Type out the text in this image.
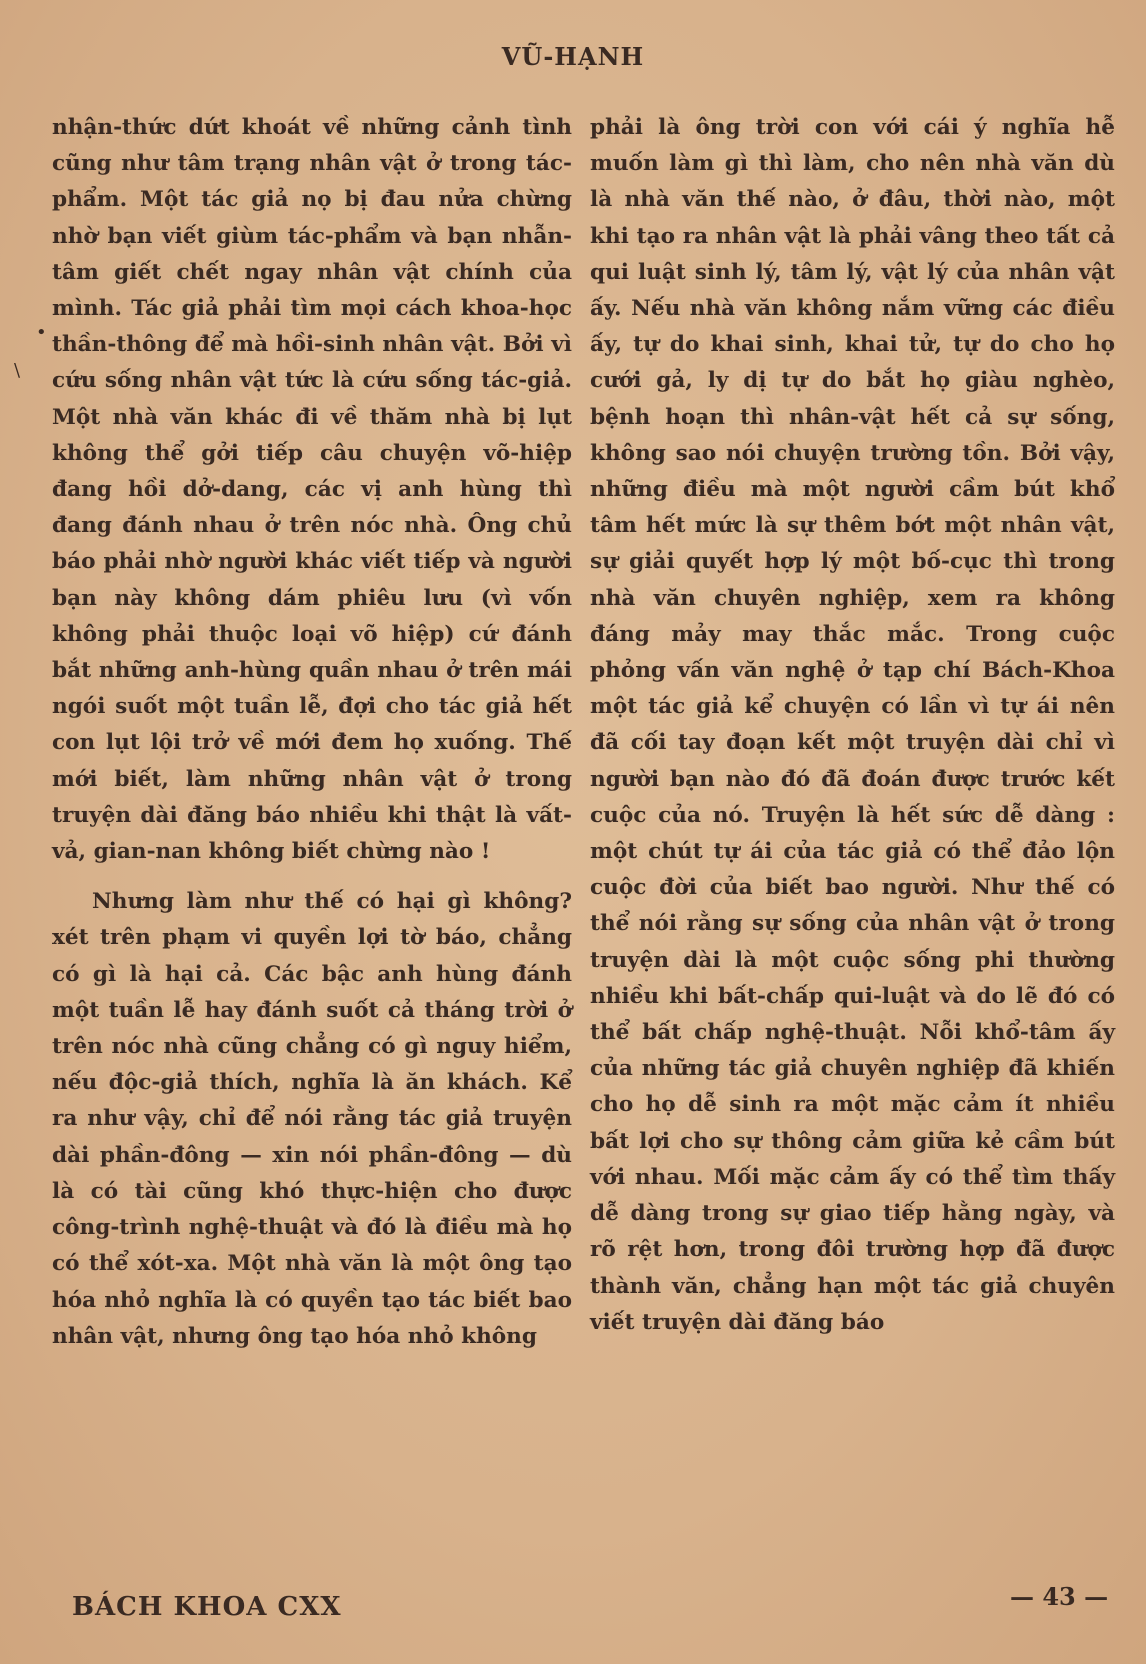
VŨ-HẠNH
•
\

nhận-thức dứt khoát về những cảnh tình cũng như tâm trạng nhân vật ở trong tác-phẩm. Một tác giả nọ bị đau nửa chừng nhờ bạn viết giùm tác-phẩm và bạn nhẫn-tâm giết chết ngay nhân vật chính của mình. Tác giả phải tìm mọi cách khoa-học thần-thông để mà hồi-sinh nhân vật. Bởi vì cứu sống nhân vật tức là cứu sống tác-giả. Một nhà văn khác đi về thăm nhà bị lụt không thể gởi tiếp câu chuyện võ-hiệp đang hồi dở-dang, các vị anh hùng thì đang đánh nhau ở trên nóc nhà. Ông chủ báo phải nhờ người khác viết tiếp và người bạn này không dám phiêu lưu (vì vốn không phải thuộc loại võ hiệp) cứ đánh bắt những anh-hùng quần nhau ở trên mái ngói suốt một tuần lễ, đợi cho tác giả hết con lụt lội trở về mới đem họ xuống. Thế mới biết, làm những nhân vật ở trong truyện dài đăng báo nhiều khi thật là vất-vả, gian-nan không biết chừng nào !

Nhưng làm như thế có hại gì không? xét trên phạm vi quyền lợi tờ báo, chẳng có gì là hại cả. Các bậc anh hùng đánh một tuần lễ hay đánh suốt cả tháng trời ở trên nóc nhà cũng chẳng có gì nguy hiểm, nếu độc-giả thích, nghĩa là ăn khách. Kể ra như vậy, chỉ để nói rằng tác giả truyện dài phần-đông — xin nói phần-đông — dù là có tài cũng khó thực-hiện cho được công-trình nghệ-thuật và đó là điều mà họ có thể xót-xa. Một nhà văn là một ông tạo hóa nhỏ nghĩa là có quyền tạo tác biết bao nhân vật, nhưng ông tạo hóa nhỏ không

phải là ông trời con với cái ý nghĩa hễ muốn làm gì thì làm, cho nên nhà văn dù là nhà văn thế nào, ở đâu, thời nào, một khi tạo ra nhân vật là phải vâng theo tất cả qui luật sinh lý, tâm lý, vật lý của nhân vật ấy. Nếu nhà văn không nắm vững các điều ấy, tự do khai sinh, khai tử, tự do cho họ cưới gả, ly dị tự do bắt họ giàu nghèo, bệnh hoạn thì nhân-vật hết cả sự sống, không sao nói chuyện trường tồn. Bởi vậy, những điều mà một người cầm bút khổ tâm hết mức là sự thêm bớt một nhân vật, sự giải quyết hợp lý một bố-cục thì trong nhà văn chuyên nghiệp, xem ra không đáng mảy may thắc mắc. Trong cuộc phỏng vấn văn nghệ ở tạp chí Bách-Khoa một tác giả kể chuyện có lần vì tự ái nên đã cối tay đoạn kết một truyện dài chỉ vì người bạn nào đó đã đoán được trước kết cuộc của nó. Truyện là hết sức dễ dàng : một chút tự ái của tác giả có thể đảo lộn cuộc đời của biết bao người. Như thế có thể nói rằng sự sống của nhân vật ở trong truyện dài là một cuộc sống phi thường nhiều khi bất-chấp qui-luật và do lẽ đó có thể bất chấp nghệ-thuật. Nỗi khổ-tâm ấy của những tác giả chuyên nghiệp đã khiến cho họ dễ sinh ra một mặc cảm ít nhiều bất lợi cho sự thông cảm giữa kẻ cầm bút với nhau. Mối mặc cảm ấy có thể tìm thấy dễ dàng trong sự giao tiếp hằng ngày, và rõ rệt hơn, trong đôi trường hợp đã được thành văn, chẳng hạn một tác giả chuyên viết truyện dài đăng báo

BÁCH KHOA CXX	— 43 —
